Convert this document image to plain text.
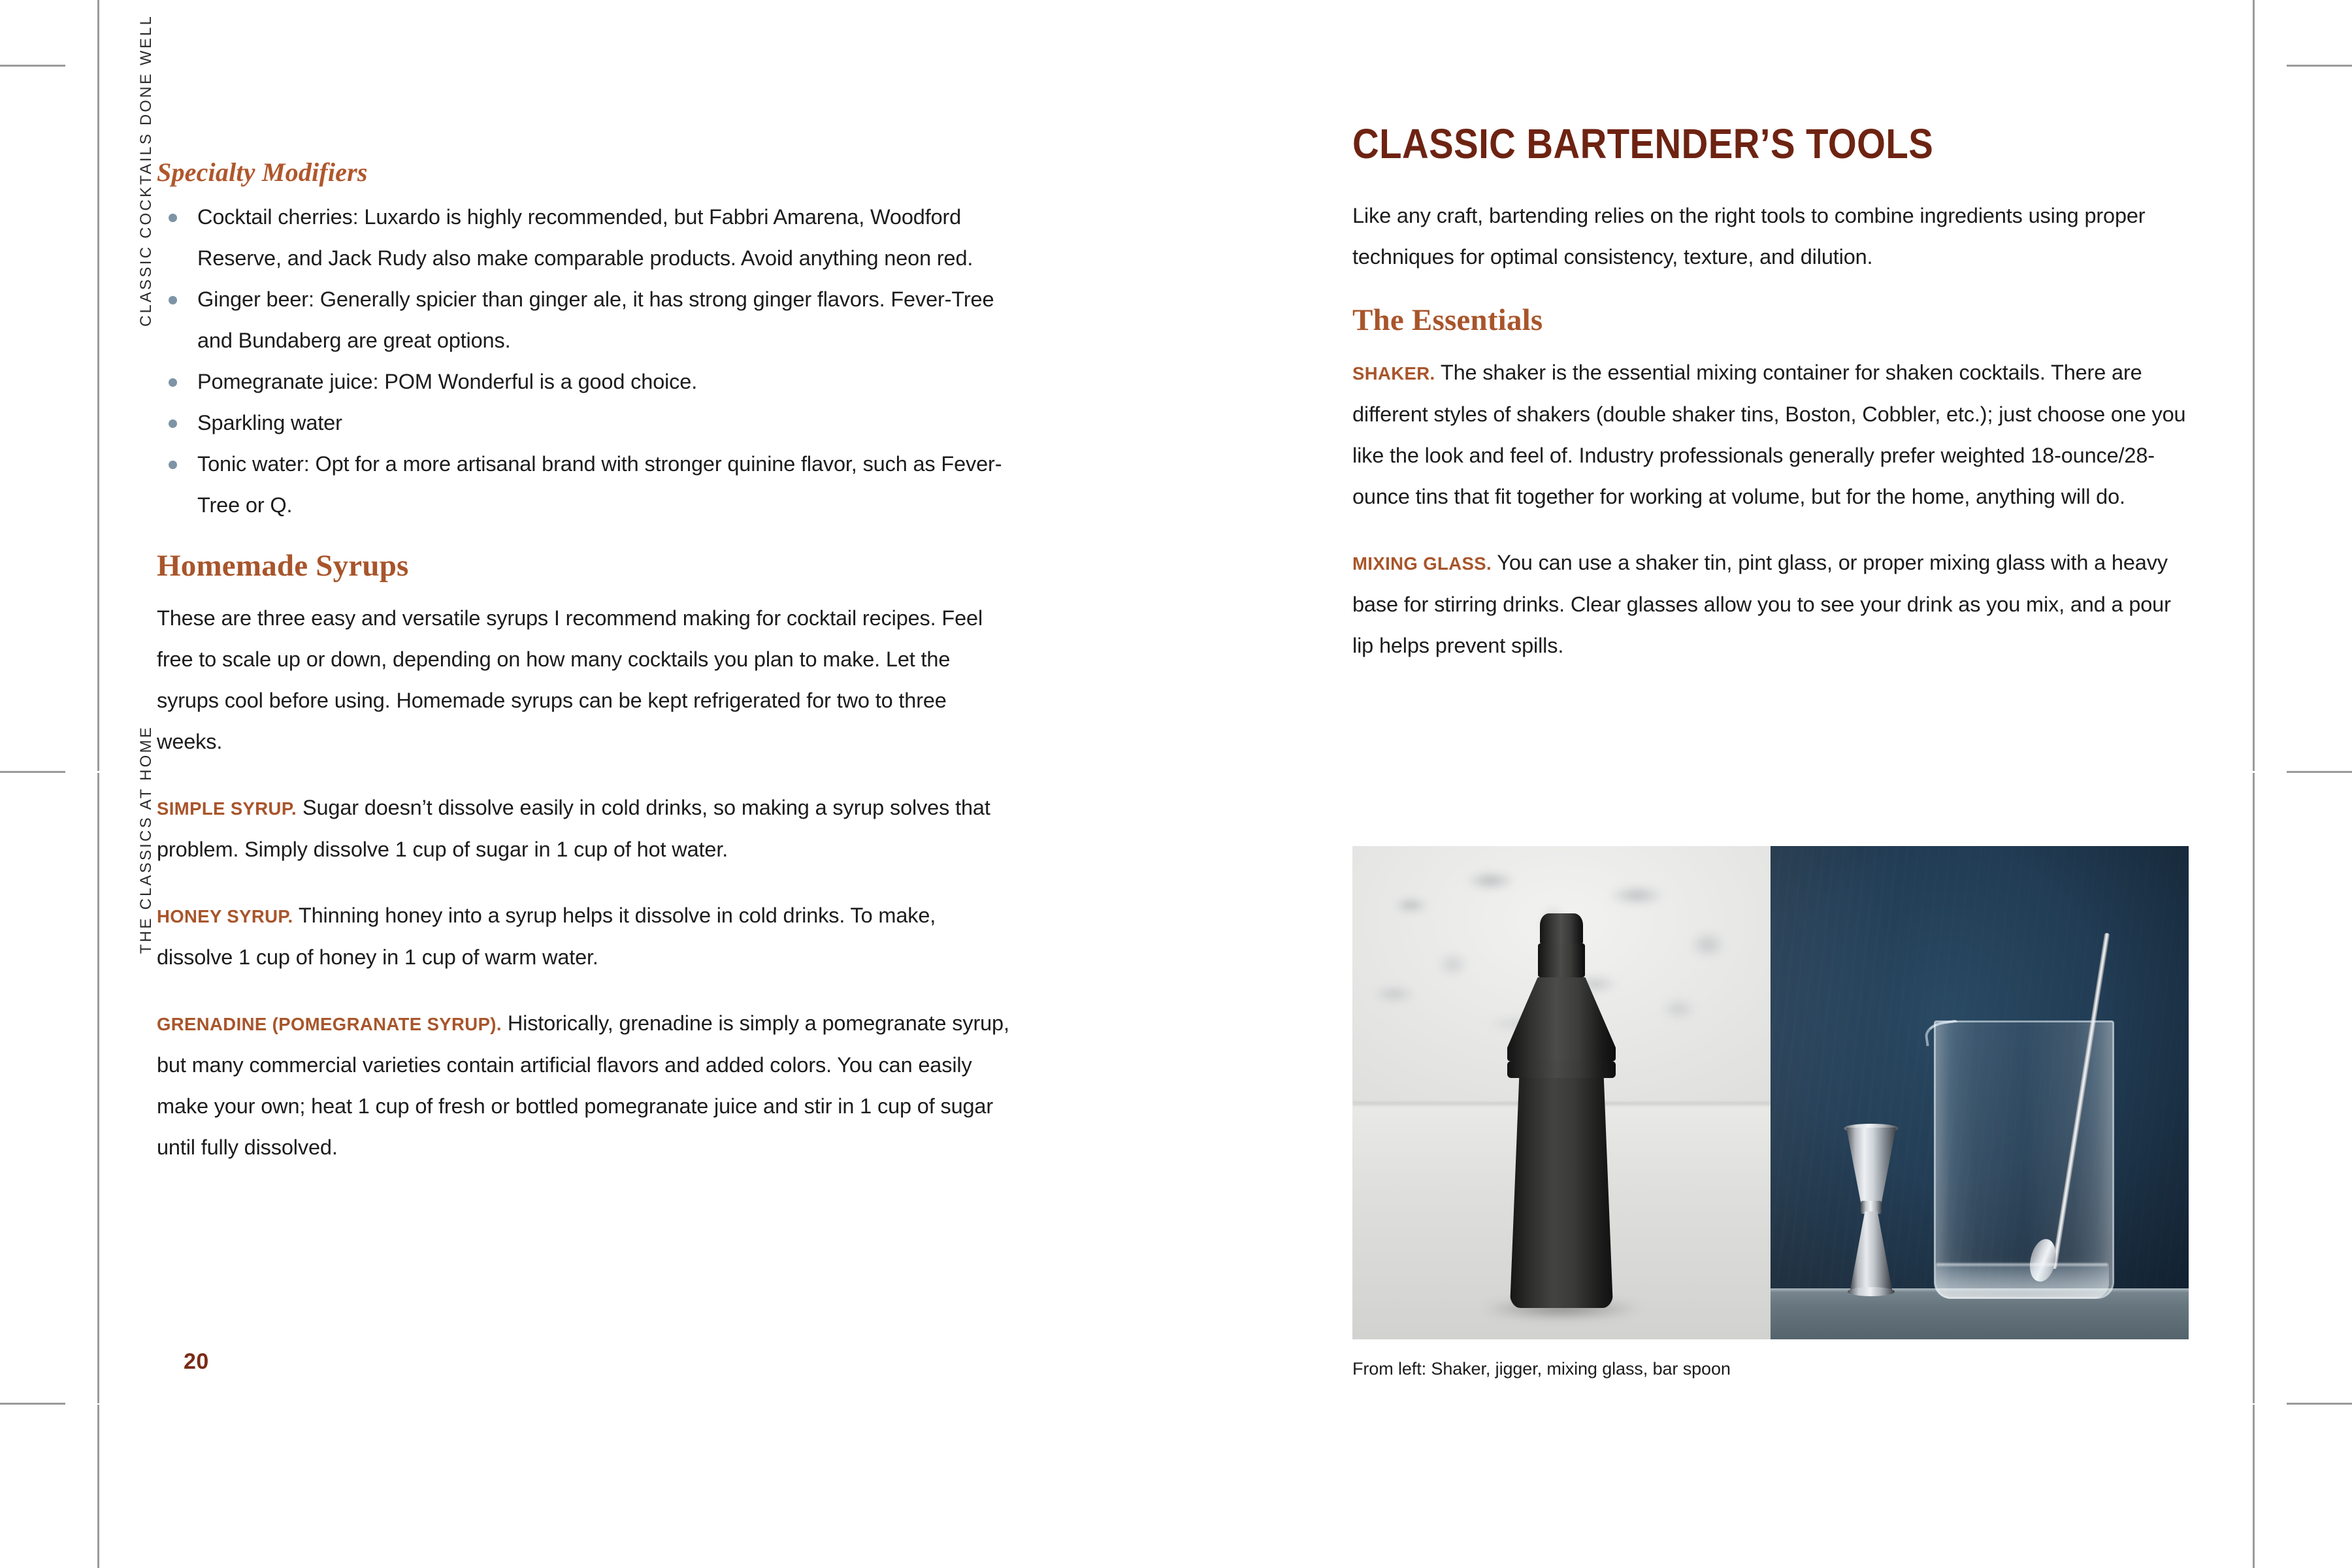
CLASSIC COCKTAILS DONE WELL
THE CLASSICS AT HOME
20
Specialty Modifiers
Cocktail cherries: Luxardo is highly recommended, but Fabbri Amarena, Woodford Reserve, and Jack Rudy also make comparable products. Avoid anything neon red.
Ginger beer: Generally spicier than ginger ale, it has strong ginger flavors. Fever-Tree and Bundaberg are great options.
Pomegranate juice: POM Wonderful is a good choice.
Sparkling water
Tonic water: Opt for a more artisanal brand with stronger quinine flavor, such as Fever-Tree or Q.
Homemade Syrups

These are three easy and versatile syrups I recommend making for cocktail recipes. Feel free to scale up or down, depending on how many cocktails you plan to make. Let the syrups cool before using. Homemade syrups can be kept refrigerated for two to three weeks.

SIMPLE SYRUP. Sugar doesn’t dissolve easily in cold drinks, so making a syrup solves that problem. Simply dissolve 1 cup of sugar in 1 cup of hot water.

HONEY SYRUP. Thinning honey into a syrup helps it dissolve in cold drinks. To make, dissolve 1 cup of honey in 1 cup of warm water.

GRENADINE (POMEGRANATE SYRUP). Historically, grenadine is simply a pomegranate syrup, but many commercial varieties contain artificial flavors and added colors. You can easily make your own; heat 1 cup of fresh or bottled pomegranate juice and stir in 1 cup of sugar until fully dissolved.

CLASSIC BARTENDER’S TOOLS

Like any craft, bartending relies on the right tools to combine ingredients using proper techniques for optimal consistency, texture, and dilution.

The Essentials

SHAKER. The shaker is the essential mixing container for shaken cocktails. There are different styles of shakers (double shaker tins, Boston, Cobbler, etc.); just choose one you like the look and feel of. Industry professionals generally prefer weighted 18-ounce/28-ounce tins that fit together for working at volume, but for the home, anything will do.

MIXING GLASS. You can use a shaker tin, pint glass, or proper mixing glass with a heavy base for stirring drinks. Clear glasses allow you to see your drink as you mix, and a pour lip helps prevent spills.

From left: Shaker, jigger, mixing glass, bar spoon
